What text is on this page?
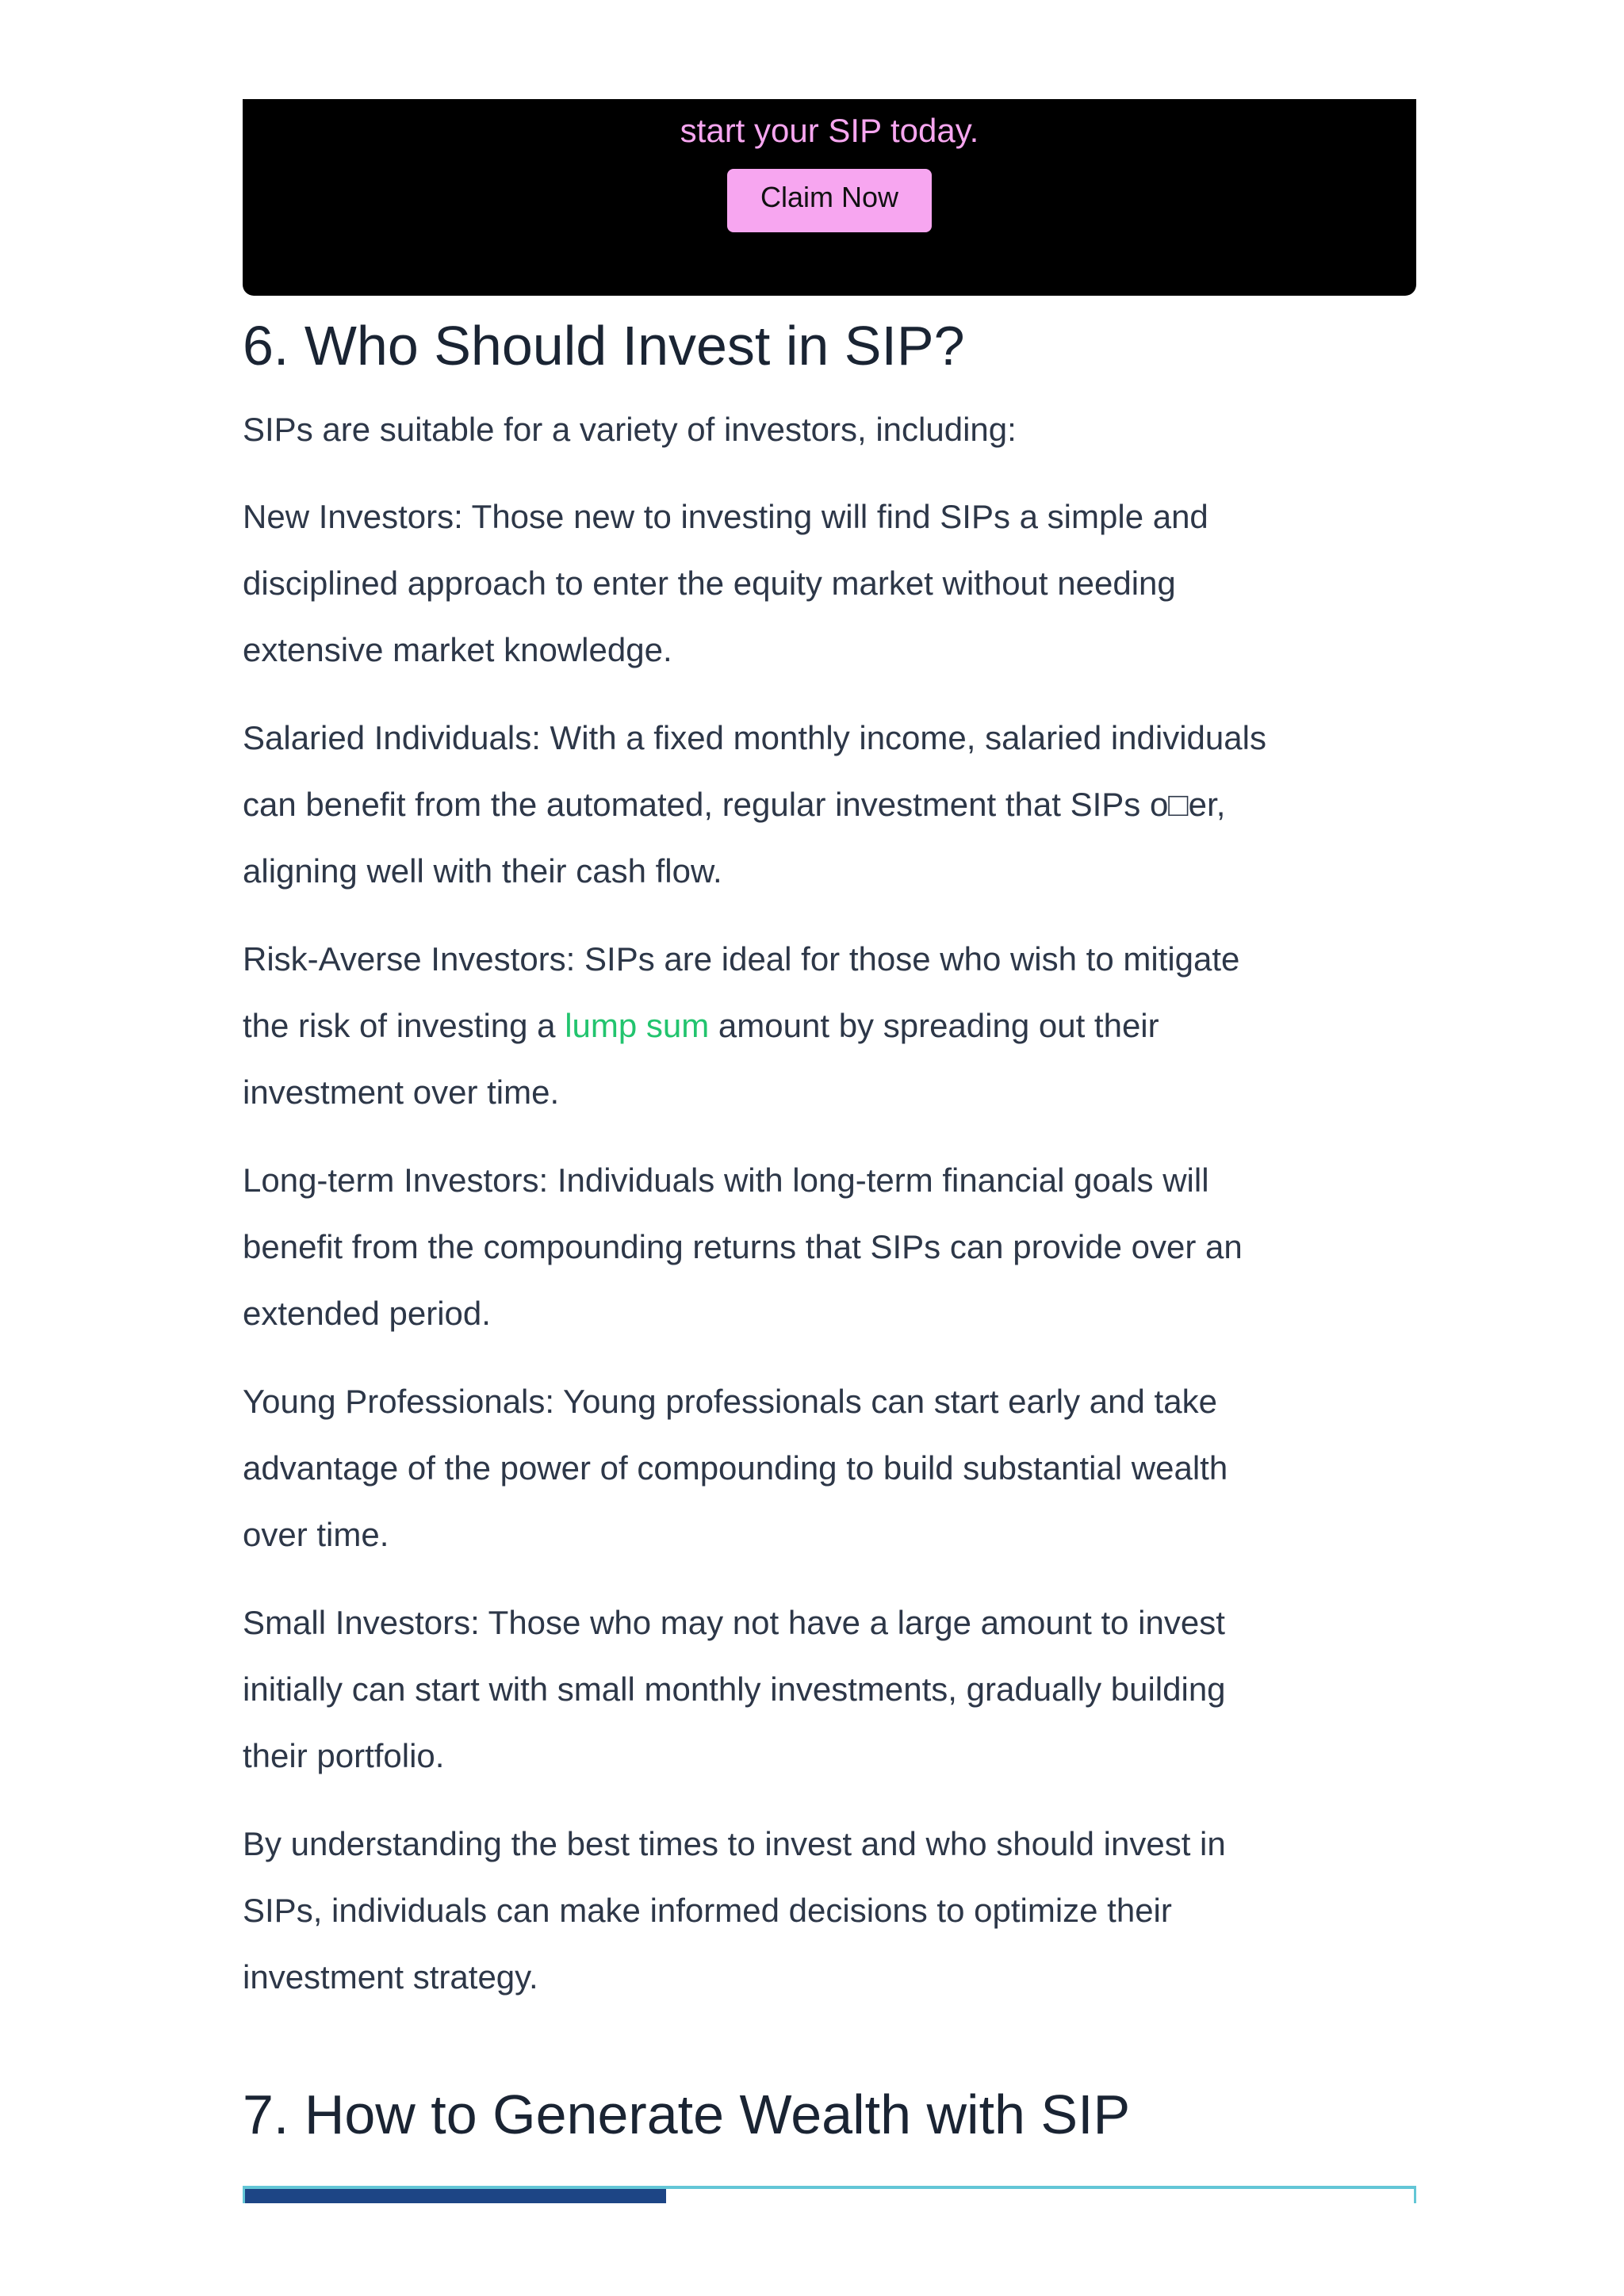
start your SIP today.
Claim Now
6. Who Should Invest in SIP?

SIPs are suitable for a variety of investors, including:

New Investors: Those new to investing will find SIPs a simple and
disciplined approach to enter the equity market without needing
extensive market knowledge.

Salaried Individuals: With a fixed monthly income, salaried individuals
can benefit from the automated, regular investment that SIPs o□er,
aligning well with their cash flow.

Risk-Averse Investors: SIPs are ideal for those who wish to mitigate
the risk of investing a lump sum amount by spreading out their
investment over time.

Long-term Investors: Individuals with long-term financial goals will
benefit from the compounding returns that SIPs can provide over an
extended period.

Young Professionals: Young professionals can start early and take
advantage of the power of compounding to build substantial wealth
over time.

Small Investors: Those who may not have a large amount to invest
initially can start with small monthly investments, gradually building
their portfolio.

By understanding the best times to invest and who should invest in
SIPs, individuals can make informed decisions to optimize their
investment strategy.

7. How to Generate Wealth with SIP
